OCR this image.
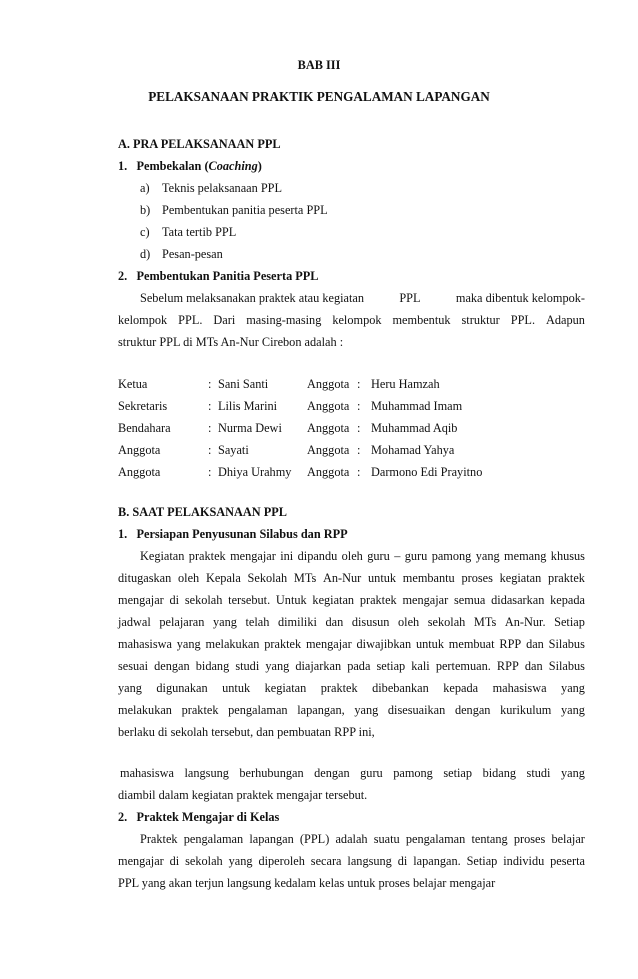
BAB III
PELAKSANAAN PRAKTIK PENGALAMAN LAPANGAN
A. PRA PELAKSANAAN PPL
1. Pembekalan (Coaching)
a) Teknis pelaksanaan PPL
b) Pembentukan panitia peserta PPL
c) Tata tertib PPL
d) Pesan-pesan
2. Pembentukan Panitia Peserta PPL
Sebelum melaksanakan praktek atau kegiatan	PPL	maka dibentuk kelompok-
kelompok PPL. Dari masing-masing kelompok membentuk struktur PPL. Adapun
struktur PPL di MTs An-Nur Cirebon adalah :
Ketua	: Sani Santi	Anggota : Heru Hamzah
Sekretaris	: Lilis Marini Anggota : Muhammad Imam
Bendahara	: Nurma Dewi Anggota : Muhammad Aqib
Anggota	: Sayati	Anggota : Mohamad Yahya
Anggota	: Dhiya Urahmy Anggota : Darmono Edi Prayitno
B. SAAT PELAKSANAAN PPL
1. Persiapan Penyusunan Silabus dan RPP
Kegiatan praktek mengajar ini dipandu oleh guru – guru pamong yang memang khusus
ditugaskan oleh Kepala Sekolah MTs An-Nur untuk membantu proses kegiatan praktek
mengajar di sekolah tersebut. Untuk kegiatan praktek mengajar semua didasarkan kepada
jadwal pelajaran yang telah dimiliki dan disusun oleh sekolah MTs An-Nur. Setiap
mahasiswa yang melakukan praktek mengajar diwajibkan untuk membuat RPP dan Silabus
sesuai dengan bidang studi yang diajarkan pada setiap kali pertemuan. RPP dan Silabus
yang digunakan untuk kegiatan praktek dibebankan kepada mahasiswa yang
melakukan praktek pengalaman lapangan, yang disesuaikan dengan kurikulum yang
berlaku di sekolah tersebut, dan pembuatan RPP ini,
mahasiswa langsung berhubungan dengan guru pamong setiap bidang studi yang
diambil dalam kegiatan praktek mengajar tersebut.
2. Praktek Mengajar di Kelas
Praktek pengalaman lapangan (PPL) adalah suatu pengalaman tentang proses belajar
mengajar di sekolah yang diperoleh secara langsung di lapangan. Setiap individu peserta
PPL yang akan terjun langsung kedalam kelas untuk proses belajar mengajar
